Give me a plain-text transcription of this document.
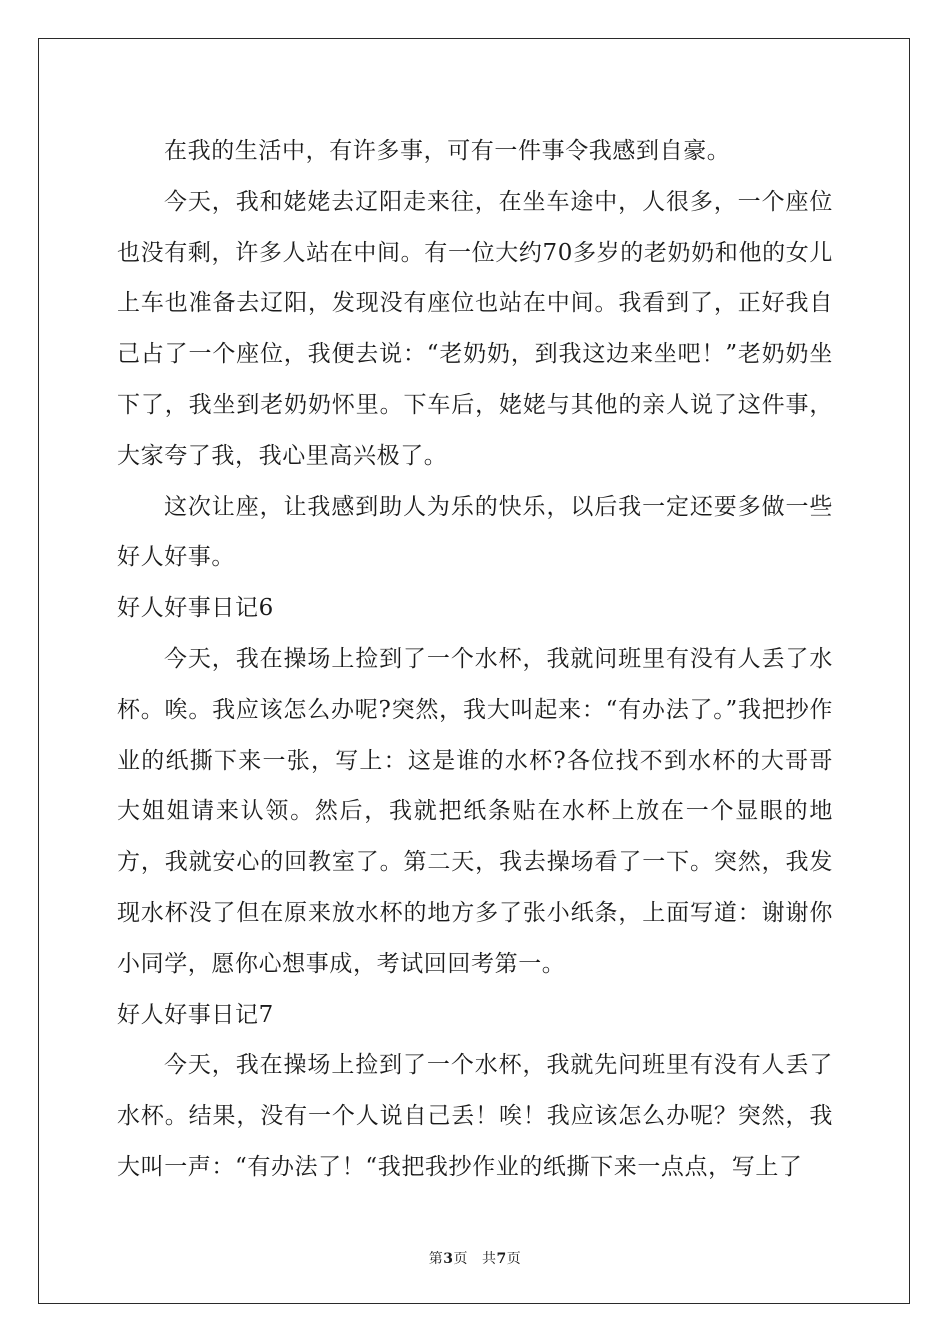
在我的生活中，有许多事，可有一件事令我感到自豪。

今天，我和姥姥去辽阳走来往，在坐车途中，人很多，一个座位也没有剩，许多人站在中间。有一位大约70多岁的老奶奶和他的女儿上车也准备去辽阳，发现没有座位也站在中间。我看到了，正好我自己占了一个座位，我便去说：“老奶奶，到我这边来坐吧！”老奶奶坐下了，我坐到老奶奶怀里。下车后，姥姥与其他的亲人说了这件事，大家夸了我，我心里高兴极了。

这次让座，让我感到助人为乐的快乐，以后我一定还要多做一些好人好事。

好人好事日记6

今天，我在操场上捡到了一个水杯，我就问班里有没有人丢了水杯。唉。我应该怎么办呢?突然，我大叫起来：“有办法了。”我把抄作业的纸撕下来一张，写上：这是谁的水杯?各位找不到水杯的大哥哥大姐姐请来认领。然后，我就把纸条贴在水杯上放在一个显眼的地方，我就安心的回教室了。第二天，我去操场看了一下。突然，我发现水杯没了但在原来放水杯的地方多了张小纸条，上面写道：谢谢你小同学，愿你心想事成，考试回回考第一。

好人好事日记7

今天，我在操场上捡到了一个水杯，我就先问班里有没有人丢了水杯。结果，没有一个人说自己丢！唉！我应该怎么办呢？突然，我大叫一声：“有办法了！“我把我抄作业的纸撕下来一点点，写上了

第3页 共7页
